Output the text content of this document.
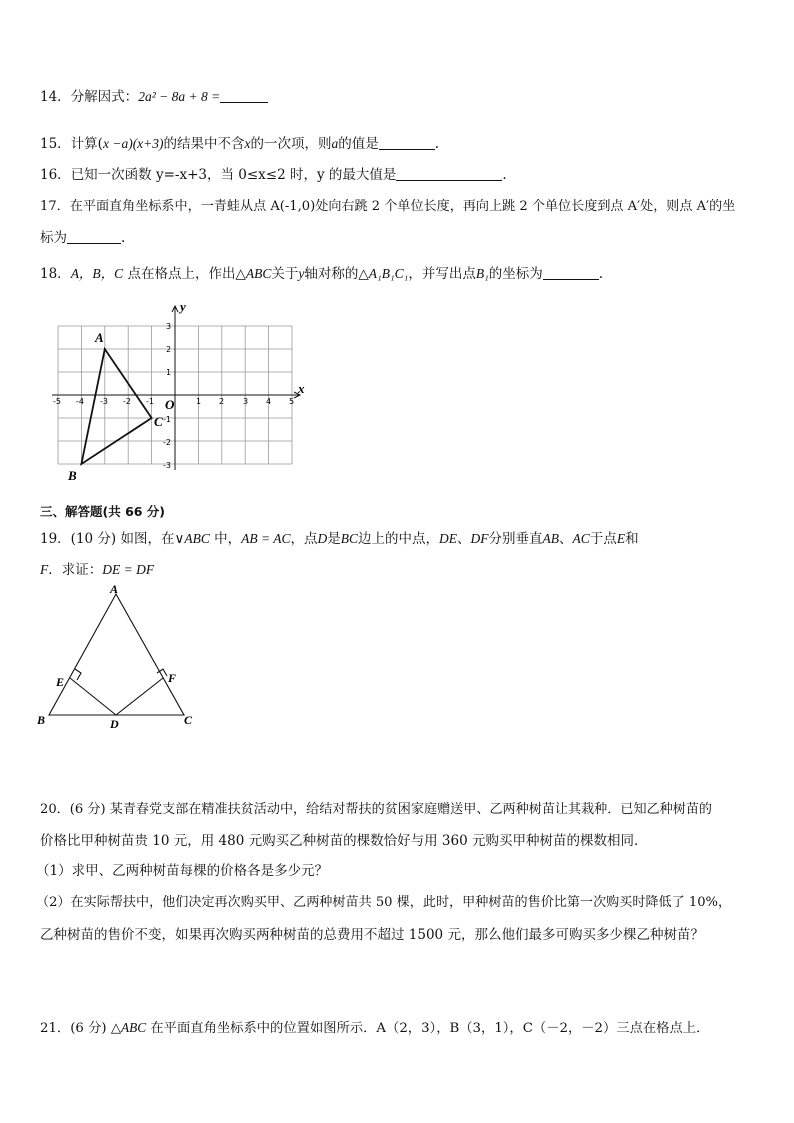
14．分解因式：2a² − 8a + 8 =
15．计算(x −a)(x+3)的结果中不含x的一次项，则a的值是	.
16．已知一次函数 y=-x+3，当 0≤x≤2 时，y 的最大值是	.
17．在平面直角坐标系中，一青蛙从点 A(-1,0)处向右跳 2 个单位长度，再向上跳 2 个单位长度到点 A′处，则点 A′的坐
标为	.
18．A，B，C 点在格点上，作出△ABC关于y轴对称的△A₁B₁C₁，并写出点B₁的坐标为	.
x
y
O
-5 -4 -3 -2 -1	1 2 3 4 5
3
2
1
-1
-2
-3
A
B
C
三、解答题(共 66 分)
19．(10 分) 如图，在∨ABC 中，AB = AC，点D是BC边上的中点，DE、DF分别垂直AB、AC于点E和
F．求证：DE = DF
A
E	F
B	D	C
20．(6 分) 某青春党支部在精准扶贫活动中，给结对帮扶的贫困家庭赠送甲、乙两种树苗让其栽种．已知乙种树苗的
价格比甲种树苗贵 10 元，用 480 元购买乙种树苗的棵数恰好与用 360 元购买甲种树苗的棵数相同．
（1）求甲、乙两种树苗每棵的价格各是多少元？
（2）在实际帮扶中，他们决定再次购买甲、乙两种树苗共 50 棵，此时，甲种树苗的售价比第一次购买时降低了 10%，
乙种树苗的售价不变，如果再次购买两种树苗的总费用不超过 1500 元，那么他们最多可购买多少棵乙种树苗？
21．(6 分) △ABC 在平面直角坐标系中的位置如图所示．A（2，3），B（3，1），C（－2，－2）三点在格点上．
